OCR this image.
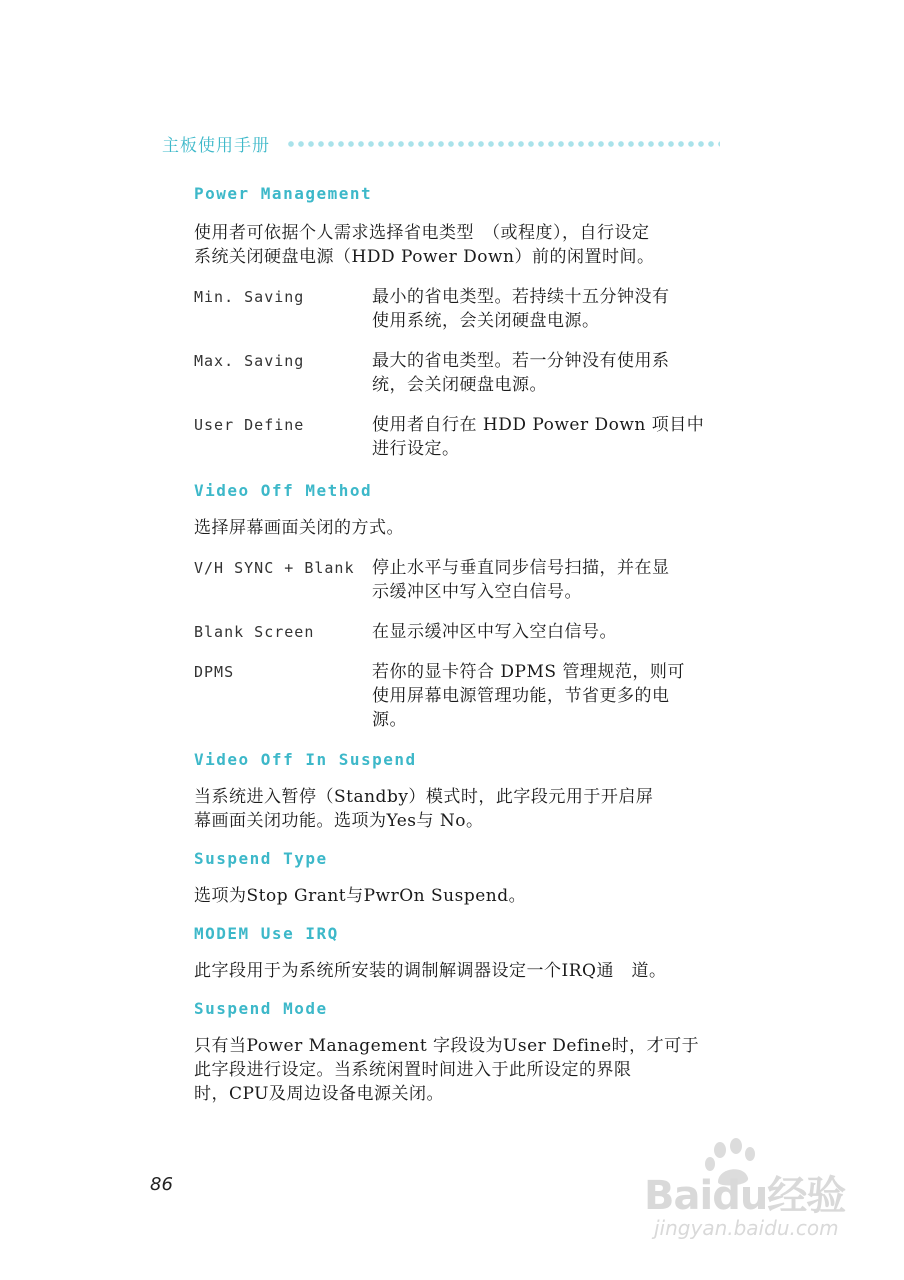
主板使用手册
Power Management

使用者可依据个人需求选择省电类型　（或程度），自行设定

系统关闭硬盘电源（HDD Power Down）前的闲置时间。

Min. Saving	最小的省电类型。若持续十五分钟没有
使用系统，会关闭硬盘电源。
Max. Saving	最大的省电类型。若一分钟没有使用系
统，会关闭硬盘电源。
User Define	使用者自行在 HDD Power Down 项目中
进行设定。
Video Off Method

选择屏幕画面关闭的方式。

V/H SYNC + Blank	停止水平与垂直同步信号扫描，并在显
示缓冲区中写入空白信号。
Blank Screen	在显示缓冲区中写入空白信号。
DPMS	若你的显卡符合 DPMS 管理规范，则可
使用屏幕电源管理功能，节省更多的电
源。
Video Off In Suspend

当系统进入暂停（Standby）模式时，此字段元用于开启屏

幕画面关闭功能。选项为Yes与 No。

Suspend Type

选项为Stop Grant与PwrOn Suspend。

MODEM Use IRQ

此字段用于为系统所安装的调制解调器设定一个IRQ通　道。

Suspend Mode

只有当Power Management 字段设为User Define时，才可于

此字段进行设定。当系统闲置时间进入于此所设定的界限

时，CPU及周边设备电源关闭。

86	Baidu经验
jingyan.baidu.com
